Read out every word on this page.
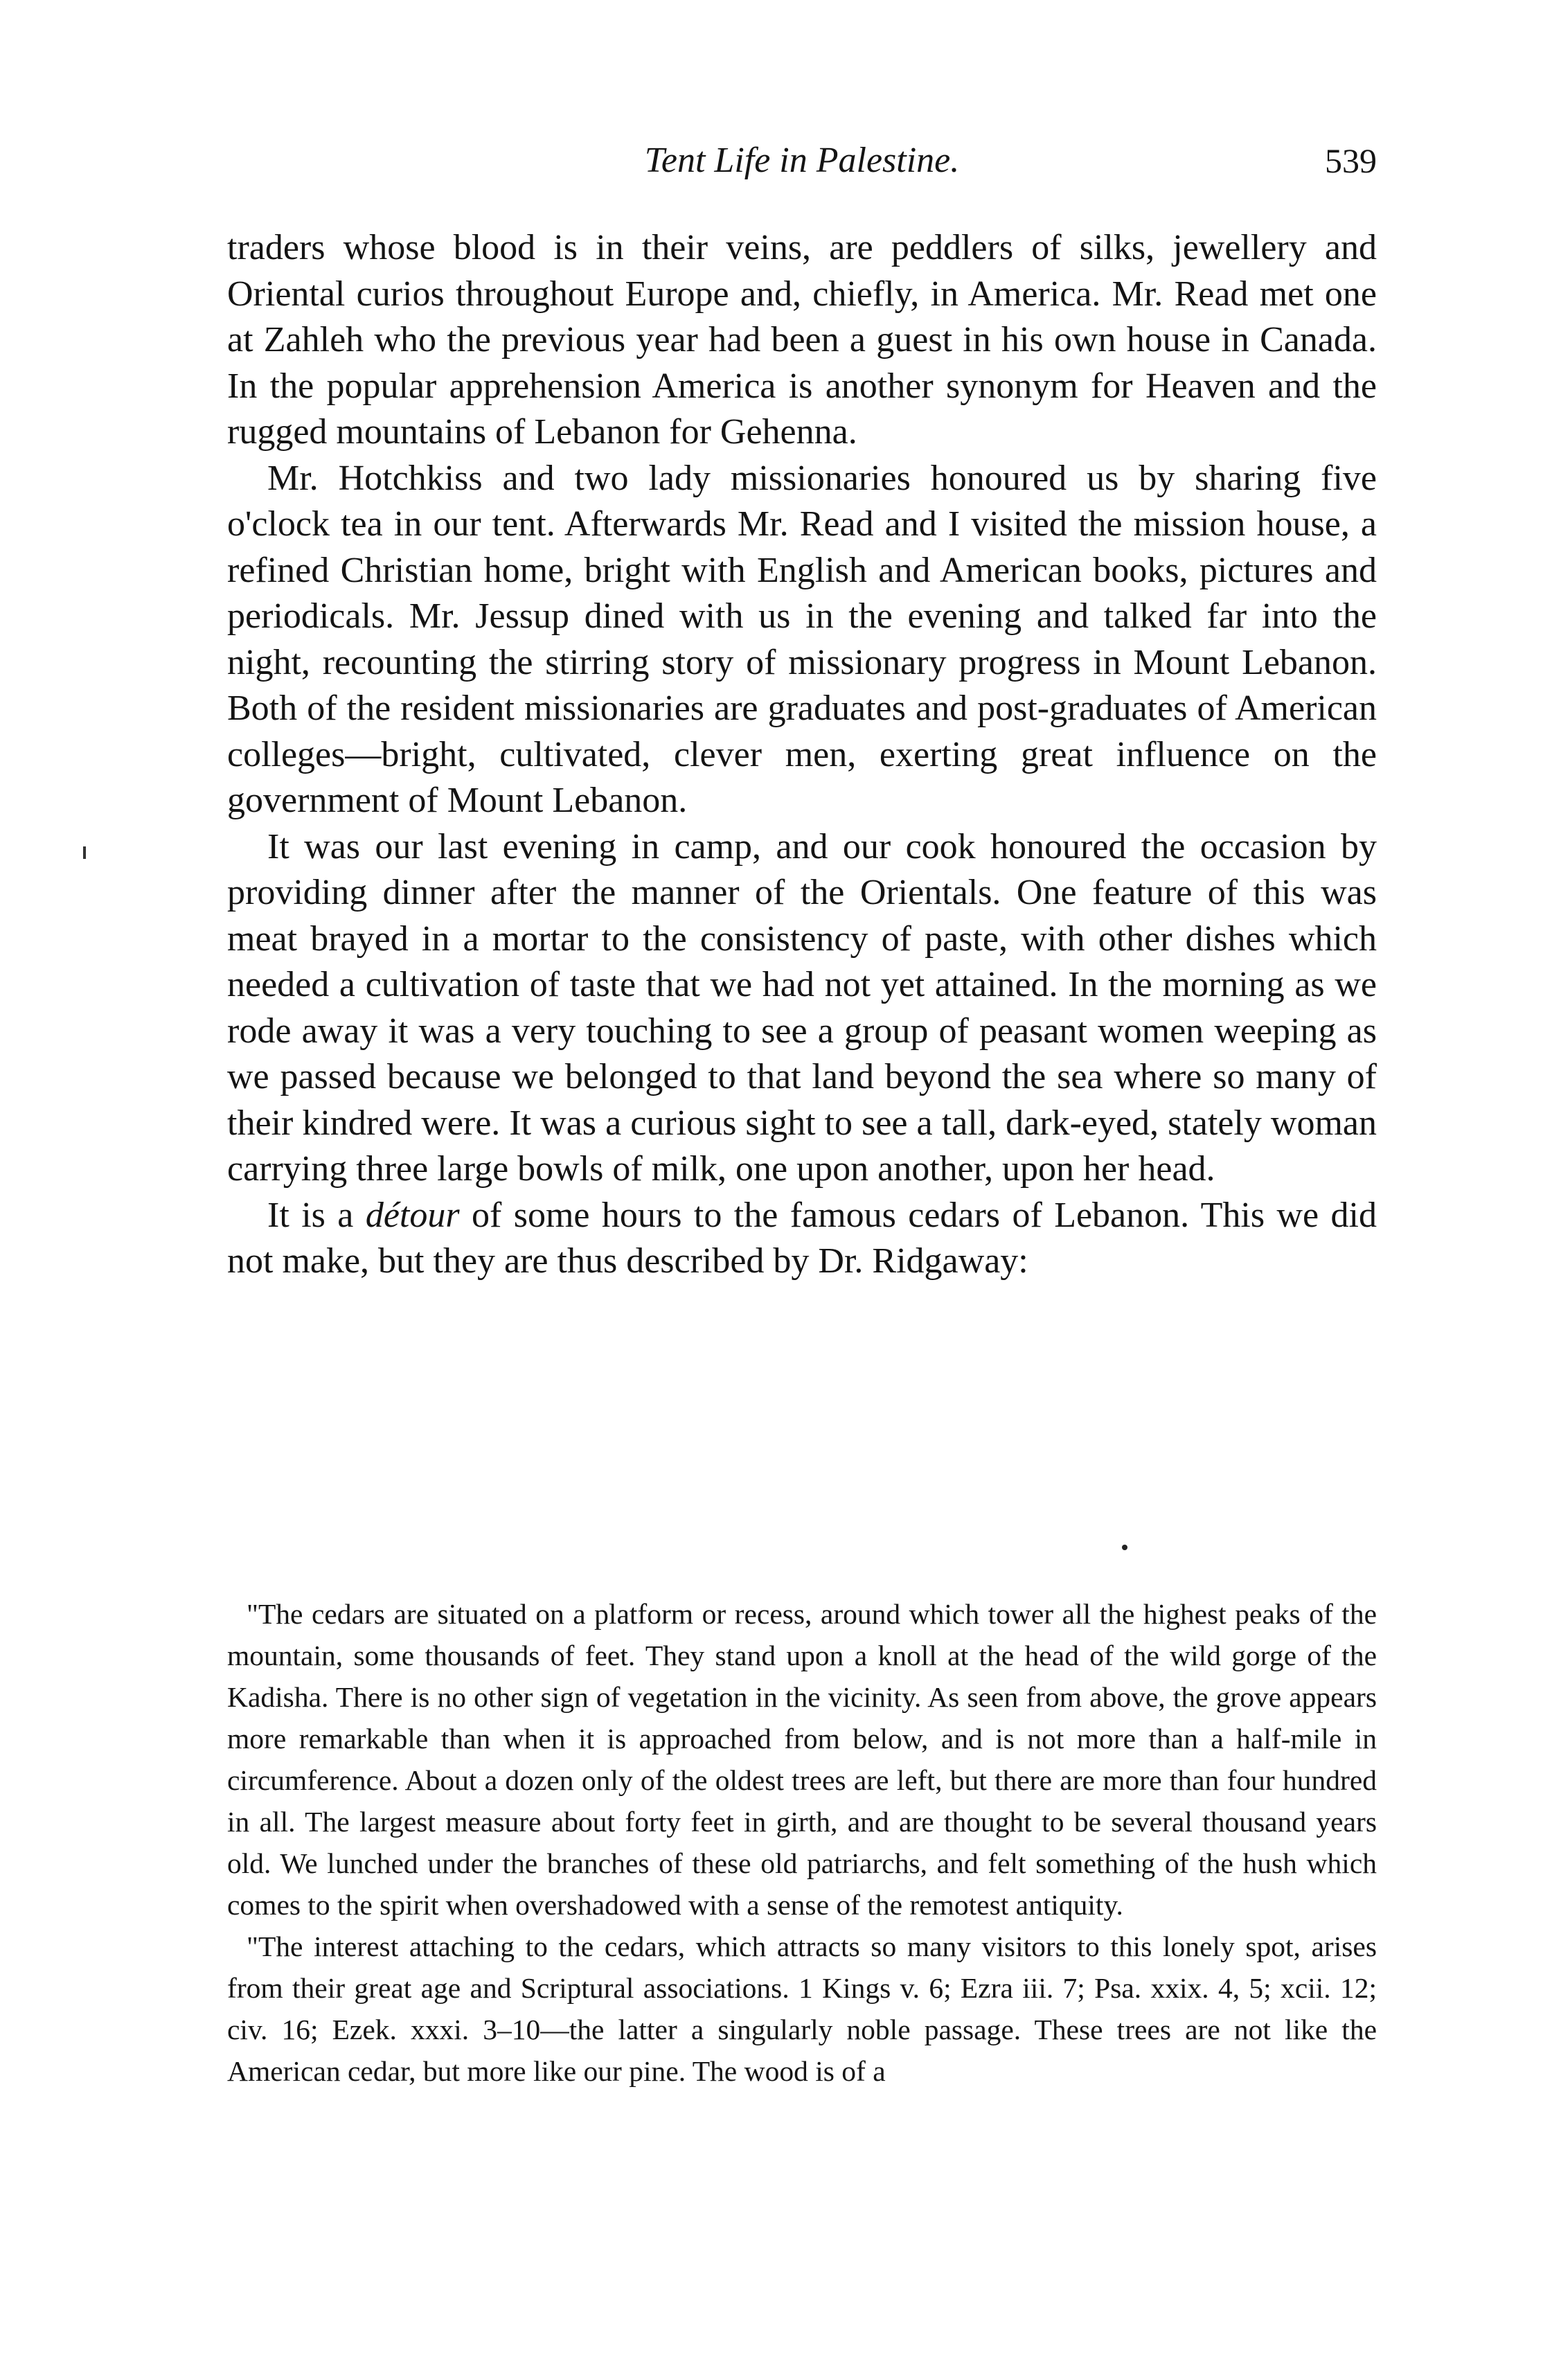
Tent Life in Palestine.	539

traders whose blood is in their veins, are peddlers of silks, jewellery and Oriental curios throughout Europe and, chiefly, in America. Mr. Read met one at Zahleh who the previous year had been a guest in his own house in Canada. In the popular apprehension America is another synonym for Heaven and the rugged mountains of Lebanon for Gehenna.

Mr. Hotchkiss and two lady missionaries honoured us by sharing five o'clock tea in our tent. Afterwards Mr. Read and I visited the mission house, a refined Christian home, bright with English and American books, pictures and periodicals. Mr. Jessup dined with us in the evening and talked far into the night, recounting the stirring story of missionary progress in Mount Lebanon. Both of the resident missionaries are graduates and post-graduates of American colleges—bright, cultivated, clever men, exerting great influence on the government of Mount Lebanon.

It was our last evening in camp, and our cook honoured the occasion by providing dinner after the manner of the Orientals. One feature of this was meat brayed in a mortar to the consistency of paste, with other dishes which needed a cultivation of taste that we had not yet attained. In the morning as we rode away it was a very touching to see a group of peasant women weeping as we passed because we belonged to that land beyond the sea where so many of their kindred were. It was a curious sight to see a tall, dark-eyed, stately woman carrying three large bowls of milk, one upon another, upon her head.

It is a détour of some hours to the famous cedars of Lebanon. This we did not make, but they are thus described by Dr. Ridgaway:

"The cedars are situated on a platform or recess, around which tower all the highest peaks of the mountain, some thousands of feet. They stand upon a knoll at the head of the wild gorge of the Kadisha. There is no other sign of vegetation in the vicinity. As seen from above, the grove appears more remarkable than when it is approached from below, and is not more than a half-mile in circumference. About a dozen only of the oldest trees are left, but there are more than four hundred in all. The largest measure about forty feet in girth, and are thought to be several thousand years old. We lunched under the branches of these old patriarchs, and felt something of the hush which comes to the spirit when overshadowed with a sense of the remotest antiquity.

"The interest attaching to the cedars, which attracts so many visitors to this lonely spot, arises from their great age and Scriptural associations. 1 Kings v. 6; Ezra iii. 7; Psa. xxix. 4, 5; xcii. 12; civ. 16; Ezek. xxxi. 3–10—the latter a singularly noble passage. These trees are not like the American cedar, but more like our pine. The wood is of a
